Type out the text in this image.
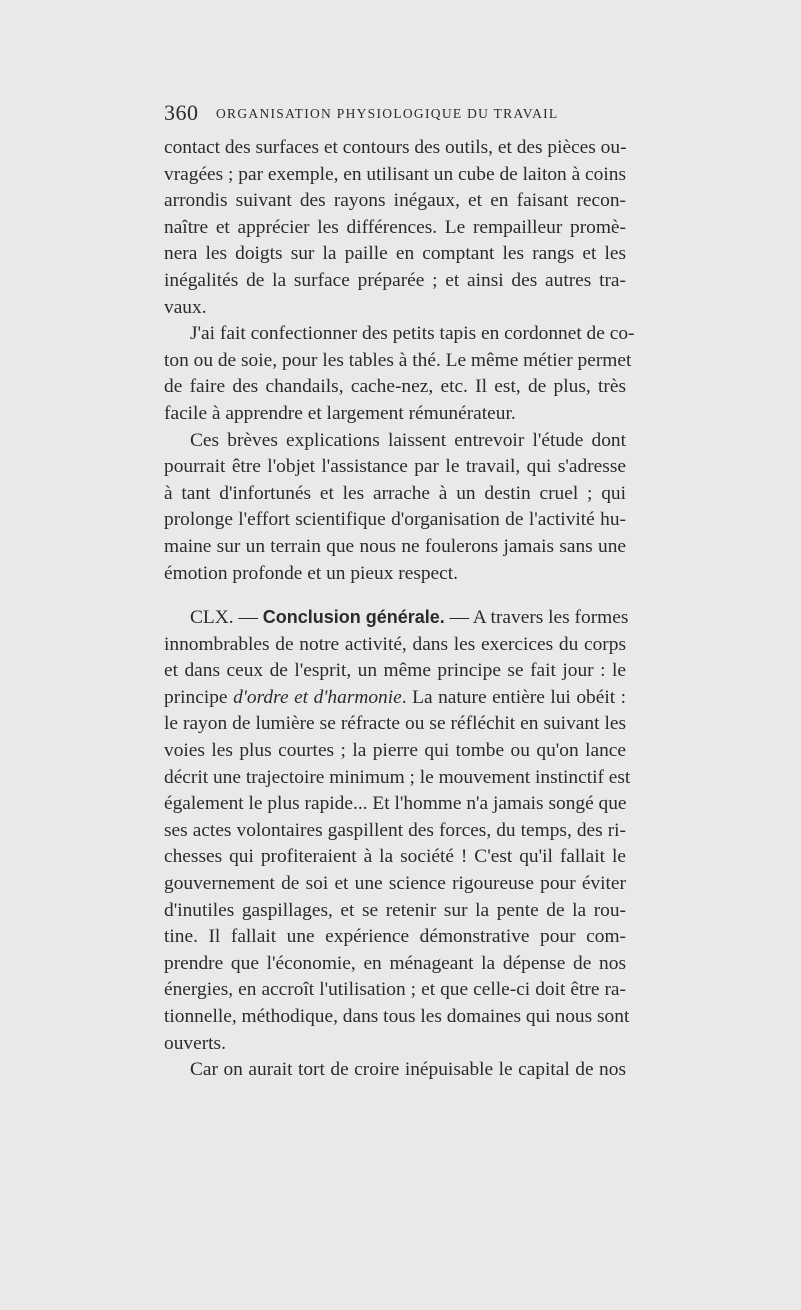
360 ORGANISATION PHYSIOLOGIQUE DU TRAVAIL
contact des surfaces et contours des outils, et des pièces ou-
vragées ; par exemple, en utilisant un cube de laiton à coins
arrondis suivant des rayons inégaux, et en faisant recon-
naître et apprécier les différences. Le rempailleur promè-
nera les doigts sur la paille en comptant les rangs et les
inégalités de la surface préparée ; et ainsi des autres tra-
vaux.
J'ai fait confectionner des petits tapis en cordonnet de co-
ton ou de soie, pour les tables à thé. Le même métier permet
de faire des chandails, cache-nez, etc. Il est, de plus, très
facile à apprendre et largement rémunérateur.
Ces brèves explications laissent entrevoir l'étude dont
pourrait être l'objet l'assistance par le travail, qui s'adresse
à tant d'infortunés et les arrache à un destin cruel ; qui
prolonge l'effort scientifique d'organisation de l'activité hu-
maine sur un terrain que nous ne foulerons jamais sans une
émotion profonde et un pieux respect.
CLX. — Conclusion générale. — A travers les formes
innombrables de notre activité, dans les exercices du corps
et dans ceux de l'esprit, un même principe se fait jour : le
principe d'ordre et d'harmonie. La nature entière lui obéit :
le rayon de lumière se réfracte ou se réfléchit en suivant les
voies les plus courtes ; la pierre qui tombe ou qu'on lance
décrit une trajectoire minimum ; le mouvement instinctif est
également le plus rapide... Et l'homme n'a jamais songé que
ses actes volontaires gaspillent des forces, du temps, des ri-
chesses qui profiteraient à la société ! C'est qu'il fallait le
gouvernement de soi et une science rigoureuse pour éviter
d'inutiles gaspillages, et se retenir sur la pente de la rou-
tine. Il fallait une expérience démonstrative pour com-
prendre que l'économie, en ménageant la dépense de nos
énergies, en accroît l'utilisation ; et que celle-ci doit être ra-
tionnelle, méthodique, dans tous les domaines qui nous sont
ouverts.
Car on aurait tort de croire inépuisable le capital de nos
